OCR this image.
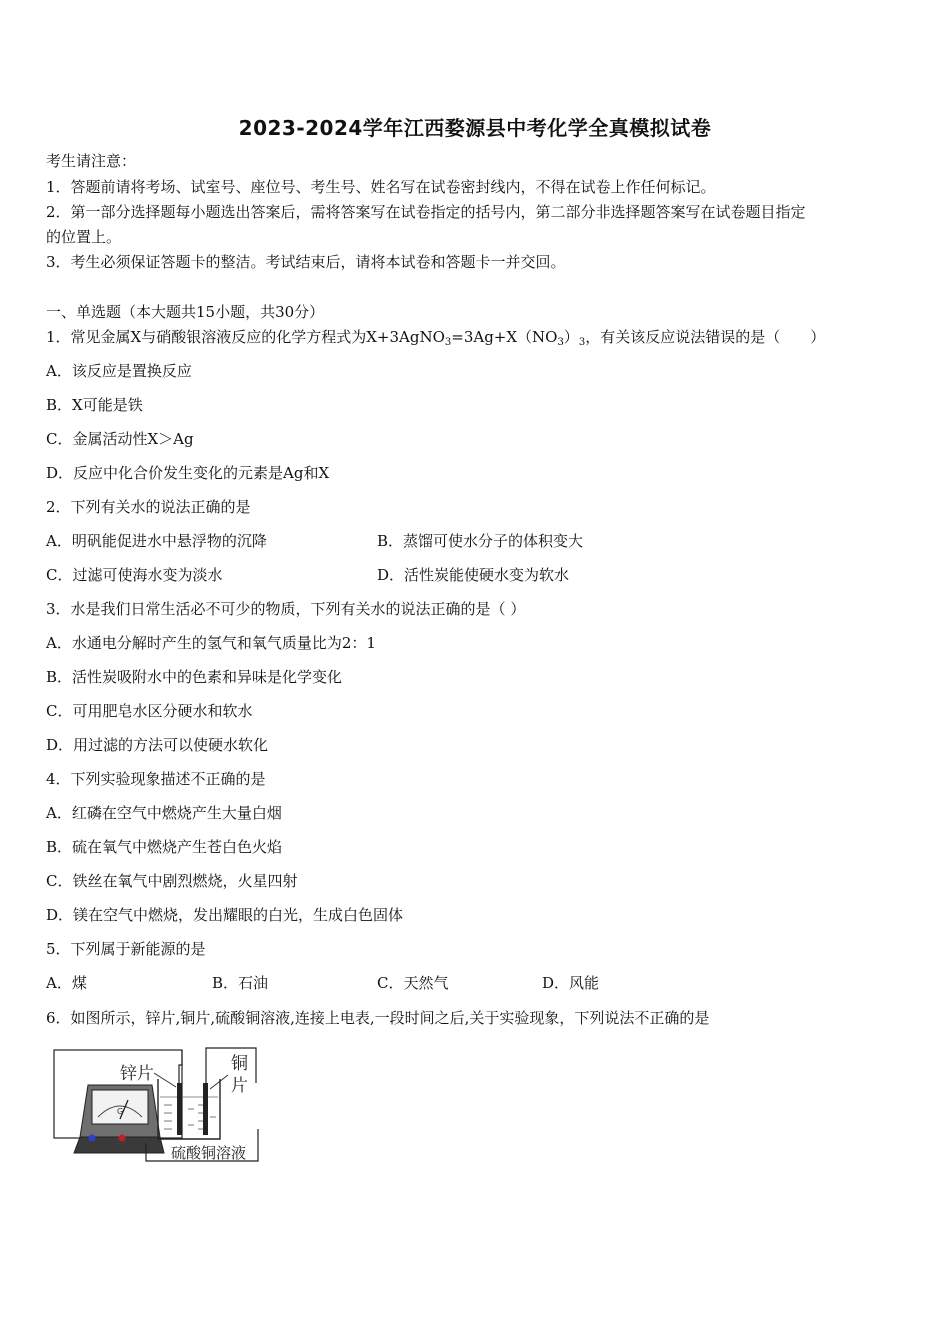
2023-2024学年江西婺源县中考化学全真模拟试卷
考生请注意：
1．答题前请将考场、试室号、座位号、考生号、姓名写在试卷密封线内，不得在试卷上作任何标记。
2．第一部分选择题每小题选出答案后，需将答案写在试卷指定的括号内，第二部分非选择题答案写在试卷题目指定
的位置上。
3．考生必须保证答题卡的整洁。考试结束后，请将本试卷和答题卡一并交回。
一、单选题（本大题共15小题，共30分）
1．常见金属X与硝酸银溶液反应的化学方程式为$X+3AgNO_3=3Ag+X(NO_3)_3$，有关该反应说法错误的是（　　）
A．该反应是置换反应
B．X可能是铁
C．金属活动性X＞Ag
D．反应中化合价发生变化的元素是Ag和X
2．下列有关水的说法正确的是
A．明矾能促进水中悬浮物的沉降	B．蒸馏可使水分子的体积变大
C．过滤可使海水变为淡水	D．活性炭能使硬水变为软水
3．水是我们日常生活必不可少的物质，下列有关水的说法正确的是（ ）
A．水通电分解时产生的氢气和氧气质量比为2：1
B．活性炭吸附水中的色素和异味是化学变化
C．可用肥皂水区分硬水和软水
D．用过滤的方法可以使硬水软化
4．下列实验现象描述不正确的是
A．红磷在空气中燃烧产生大量白烟
B．硫在氧气中燃烧产生苍白色火焰
C．铁丝在氧气中剧烈燃烧，火星四射
D．镁在空气中燃烧，发出耀眼的白光，生成白色固体
5．下列属于新能源的是
A．煤	B．石油	C．天然气	D．风能
6．如图所示，锌片,铜片,硫酸铜溶液,连接上电表,一段时间之后,关于实验现象，下列说法不正确的是
G
锌片	铜
片
硫酸铜溶液
